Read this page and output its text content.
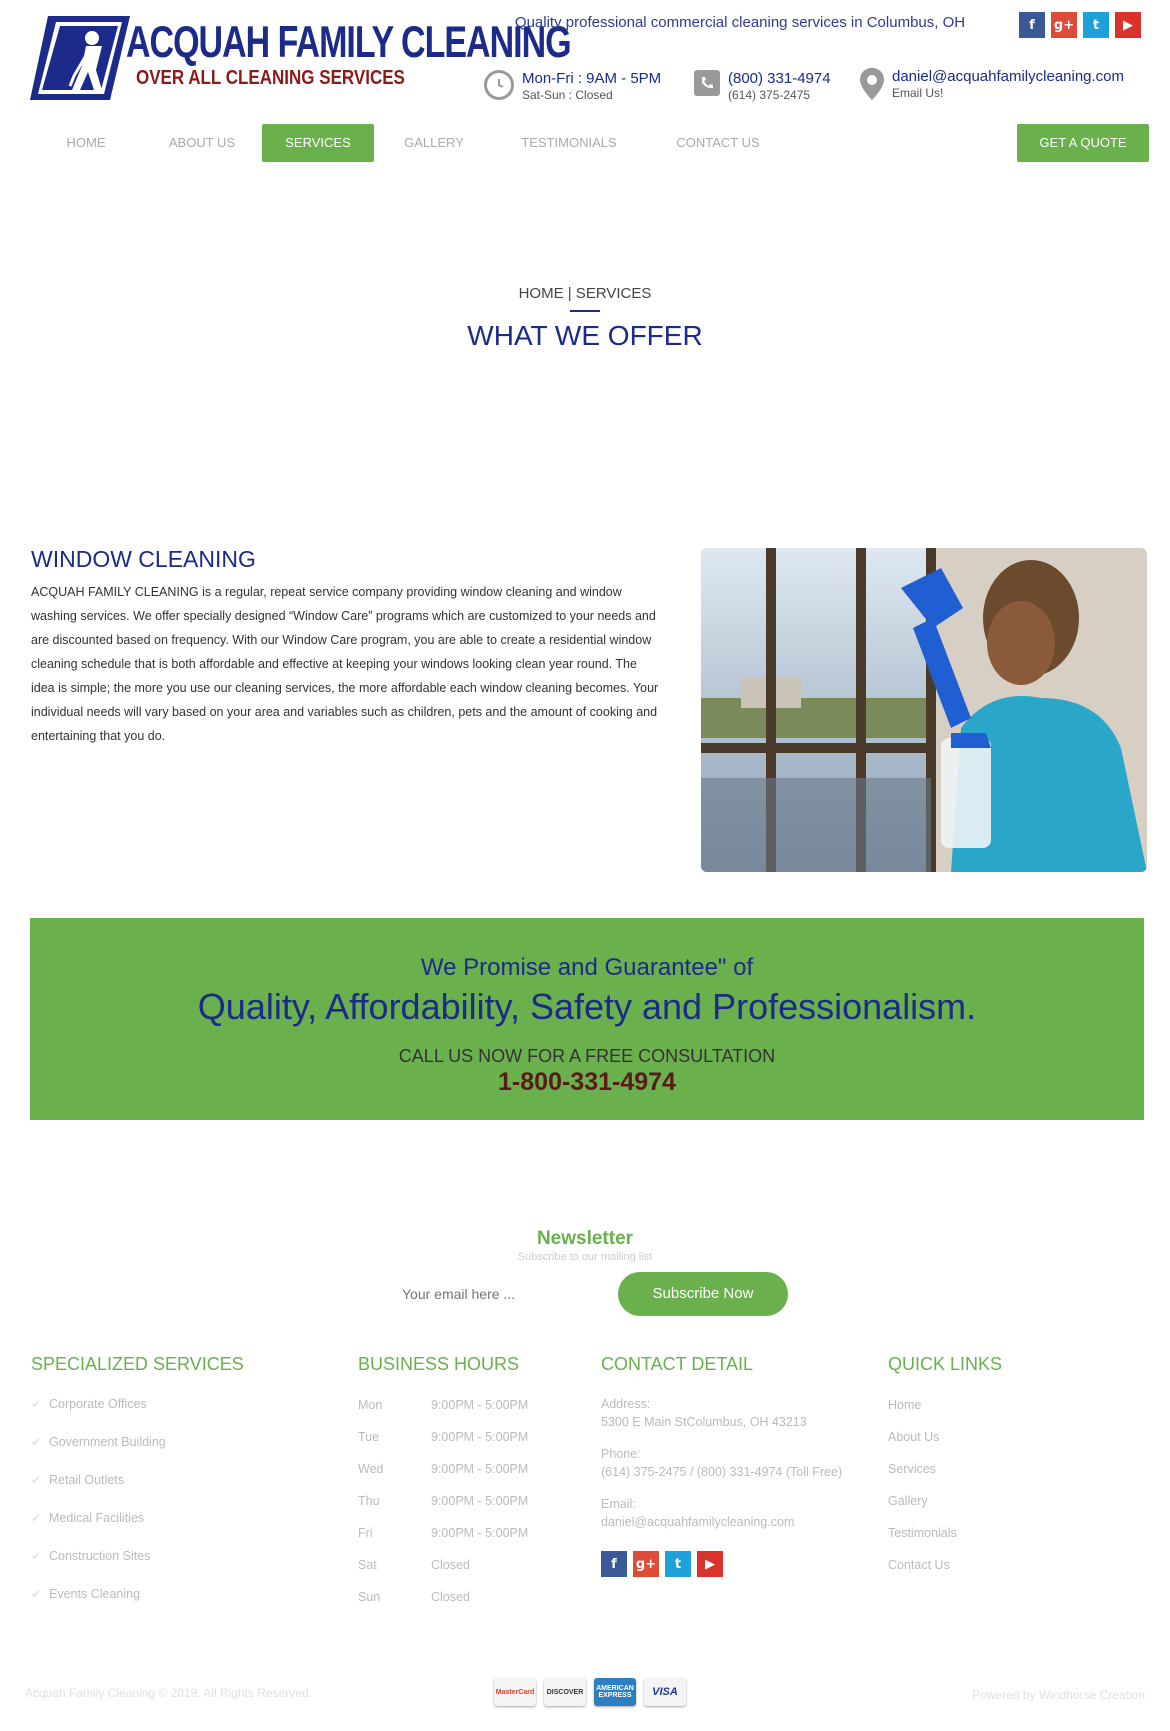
ACQUAH FAMILY CLEANING
OVER ALL CLEANING SERVICES
Quality professional commercial cleaning services in Columbus, OH	f	g+	t	▶
Mon-Fri : 9AM - 5PM
Sat-Sun : Closed
(800) 331-4974
(614) 375-2475
daniel@acquahfamilycleaning.com
Email Us!
HOME	ABOUT US	SERVICES	GALLERY	TESTIMONIALS	CONTACT US	GET A QUOTE
HOME | SERVICES
WHAT WE OFFER
WINDOW CLEANING
ACQUAH FAMILY CLEANING is a regular, repeat service company providing window cleaning and window washing services. We offer specially designed “Window Care” programs which are customized to your needs and are discounted based on frequency. With our Window Care program, you are able to create a residential window cleaning schedule that is both affordable and effective at keeping your windows looking clean year round. The idea is simple; the more you use our cleaning services, the more affordable each window cleaning becomes. Your individual needs will vary based on your area and variables such as children, pets and the amount of cooking and entertaining that you do.
We Promise and Guarantee" of
Quality, Affordability, Safety and Professionalism.
CALL US NOW FOR A FREE CONSULTATION
1-800-331-4974
Newsletter
Subscribe to our mailing list
Your email here ...
Subscribe Now
SPECIALIZED SERVICES
✔ Corporate Offices
✔ Government Building
✔ Retail Outlets
✔ Medical Facilities
✔ Construction Sites
✔ Events Cleaning
BUSINESS HOURS
Mon	9:00PM - 5:00PM
Tue	9:00PM - 5:00PM
Wed	9:00PM - 5:00PM
Thu	9:00PM - 5:00PM
Fri	9:00PM - 5:00PM
Sat	Closed
Sun	Closed
CONTACT DETAIL
Address:
5300 E Main StColumbus, OH 43213
Phone:
(614) 375-2475 / (800) 331-4974 (Toll Free)
Email:
daniel@acquahfamilycleaning.com
f	g+	t	▶
QUICK LINKS
Home
About Us
Services
Gallery
Testimonials
Contact Us
Acquah Family Cleaning © 2019. All Rights Reserved.	MasterCard	DISCOVER	AMERICAN EXPRESS	VISA	Powered by Windhorse Creation
